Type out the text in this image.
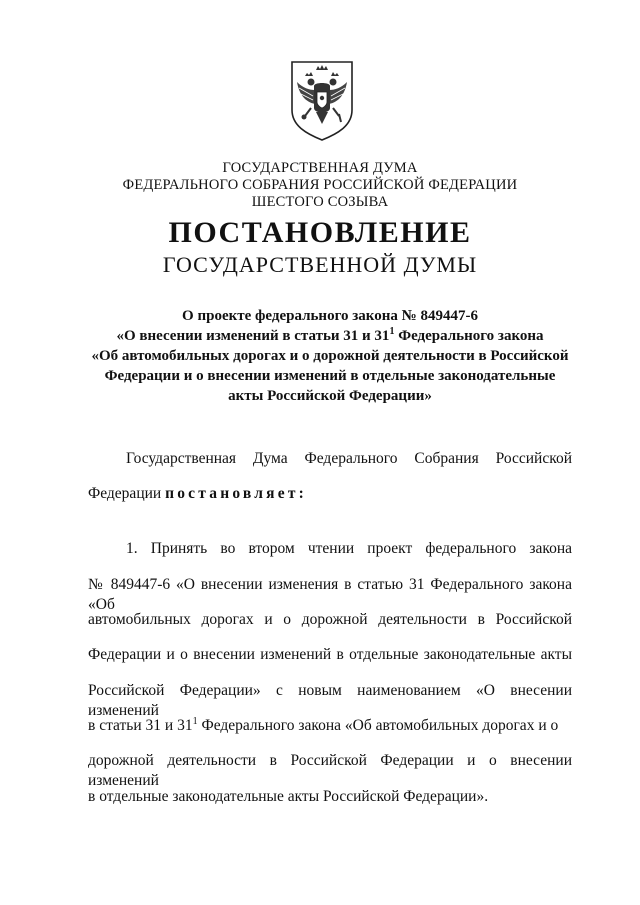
ГОСУДАРСТВЕННАЯ ДУМА
ФЕДЕРАЛЬНОГО СОБРАНИЯ РОССИЙСКОЙ ФЕДЕРАЦИИ
ШЕСТОГО СОЗЫВА
ПОСТАНОВЛЕНИЕ
ГОСУДАРСТВЕННОЙ ДУМЫ
О проекте федерального закона № 849447-6
«О внесении изменений в статьи 31 и $31^1$ Федерального закона
«Об автомобильных дорогах и о дорожной деятельности в Российской
Федерации и о внесении изменений в отдельные законодательные
акты Российской Федерации»
Государственная Дума Федерального Собрания Российской
Федерации постановляет:
1. Принять во втором чтении проект федерального закона
№ 849447-6 «О внесении изменения в статью 31 Федерального закона «Об
автомобильных дорогах и о дорожной деятельности в Российской
Федерации и о внесении изменений в отдельные законодательные акты
Российской Федерации» с новым наименованием «О внесении изменений
в статьи 31 и $31^1$ Федерального закона «Об автомобильных дорогах и о
дорожной деятельности в Российской Федерации и о внесении изменений
в отдельные законодательные акты Российской Федерации».
